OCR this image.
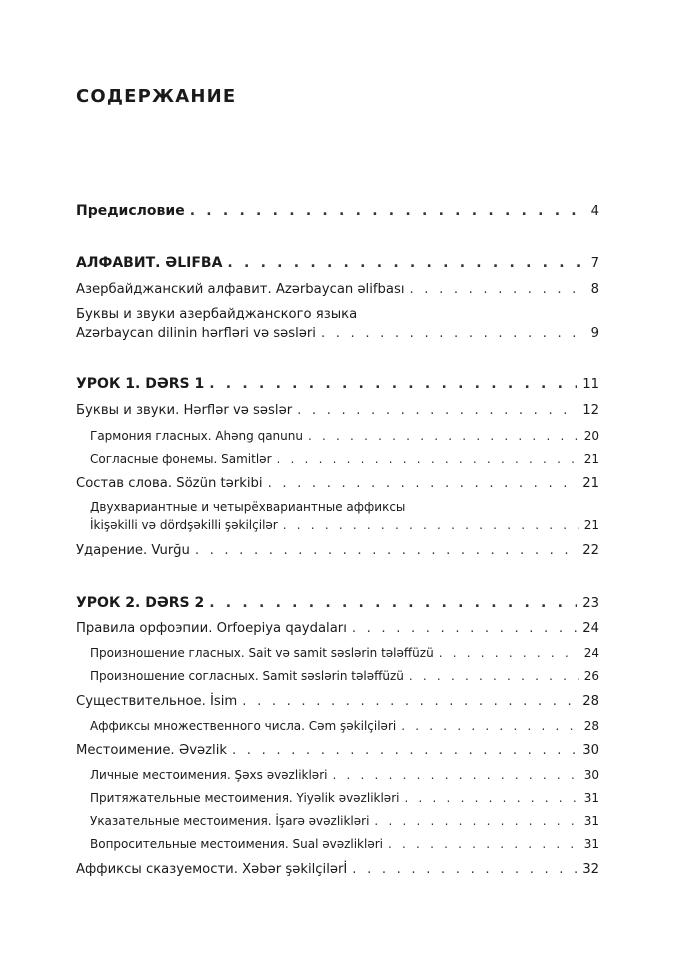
СОДЕРЖАНИЕ
Предисловие . . .	4
АЛФАВИТ. ӘLIFBA . . .	7
Азербайджанский алфавит. Azərbaycan əlifbası . . .	8
Буквы и звуки азербайджанского языка
Azərbaycan dilinin hərfləri və səsləri . . .	9
УРОК 1. DƏRS 1 . . .	11
Буквы и звуки. Hərflər və səslər . . .	12
Гармония гласных. Ahəng qanunu . . .	20
Согласные фонемы. Samitlər . . .	21
Состав слова. Sözün tərkibi . . .	21
Двухвариантные и четырёхвариантные аффиксы
İkişəkilli və dördşəkilli şəkilçilər . . .	21
Ударение. Vurğu . . .	22
УРОК 2. DƏRS 2 . . .	23
Правила орфоэпии. Orfoepiya qaydaları . . .	24
Произношение гласных. Sait və samit səslərin tələffüzü . . .	24
Произношение согласных. Samit səslərin tələffüzü . . .	26
Существительное. İsim . . .	28
Аффиксы множественного числа. Cəm şəkilçiləri . . .	28
Местоимение. Əvəzlik . . .	30
Личные местоимения. Şəxs əvəzlikləri . . .	30
Притяжательные местоимения. Yiyəlik əvəzlikləri . . .	31
Указательные местоимения. İşarə əvəzlikləri . . .	31
Вопросительные местоимения. Sual əvəzlikləri . . .	31
Аффиксы сказуемости. Xəbər şəkilçilərİ . . .	32
